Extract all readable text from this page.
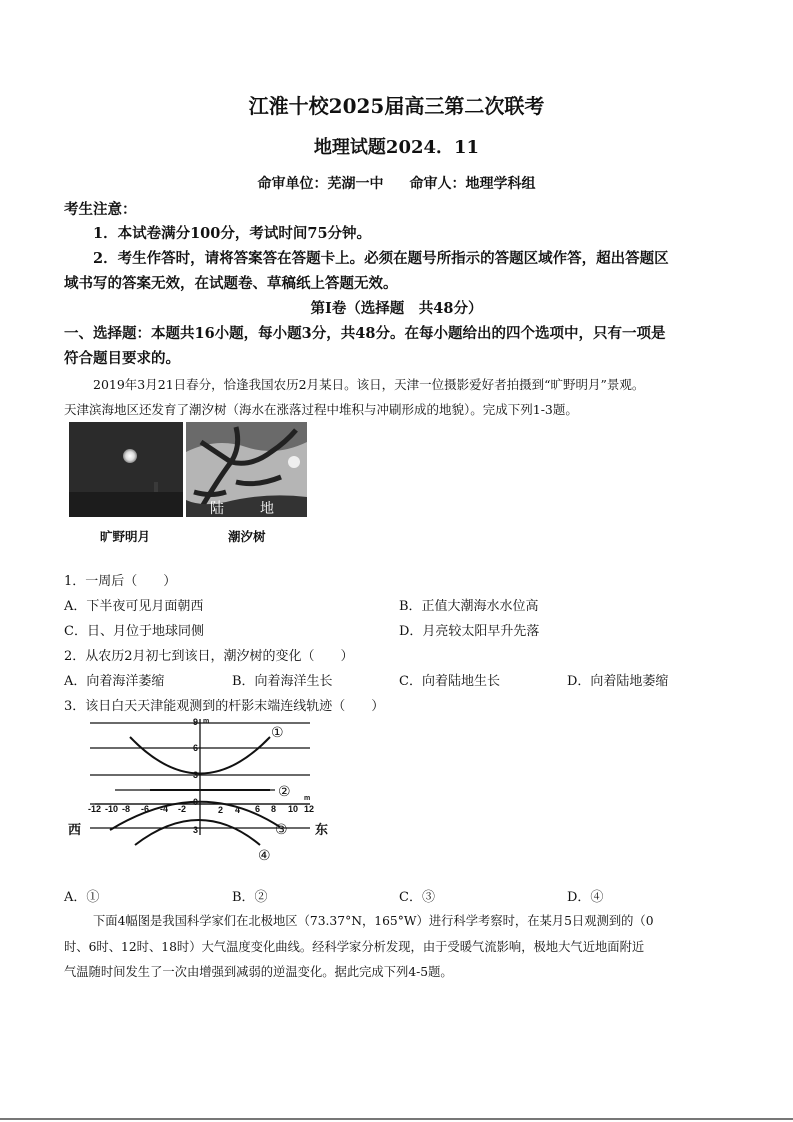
江淮十校2025届高三第二次联考
地理试题2024．11
命审单位：芜湖一中 命审人：地理学科组
考生注意：
1．本试卷满分100分，考试时间75分钟。
2．考生作答时，请将答案答在答题卡上。必须在题号所指示的答题区域作答，超出答题区
域书写的答案无效，在试题卷、草稿纸上答题无效。
第Ⅰ卷（选择题　共48分）
一、选择题：本题共16小题，每小题3分，共48分。在每小题给出的四个选项中，只有一项是
符合题目要求的。
2019年3月21日春分，恰逢我国农历2月某日。该日，天津一位摄影爱好者拍摄到“旷野明月”景观。
天津滨海地区还发育了潮汐树（海水在涨落过程中堆积与冲刷形成的地貌）。完成下列1-3题。
陆	地
旷野明月	潮汐树
1．一周后（　　）
A．下半夜可见月面朝西	B．正值大潮海水水位高
C．日、月位于地球同侧	D．月亮较太阳早升先落
2．从农历2月初七到该日，潮汐树的变化（　　）
A．向着海洋萎缩	B．向着海洋生长	C．向着陆地生长	D．向着陆地萎缩
3．该日白天天津能观测到的杆影末端连线轨迹（　　）
9 m
6
3
0
3
-12 -10 -8 -6 -4 -2	2 4 6 8 10 12
m
①
②
③
④
西	东
A．①	B．②	C．③	D．④
下面4幅图是我国科学家们在北极地区（73.37°N，165°W）进行科学考察时，在某月5日观测到的（0
时、6时、12时、18时）大气温度变化曲线。经科学家分析发现，由于受暖气流影响，极地大气近地面附近
气温随时间发生了一次由增强到减弱的逆温变化。据此完成下列4-5题。
